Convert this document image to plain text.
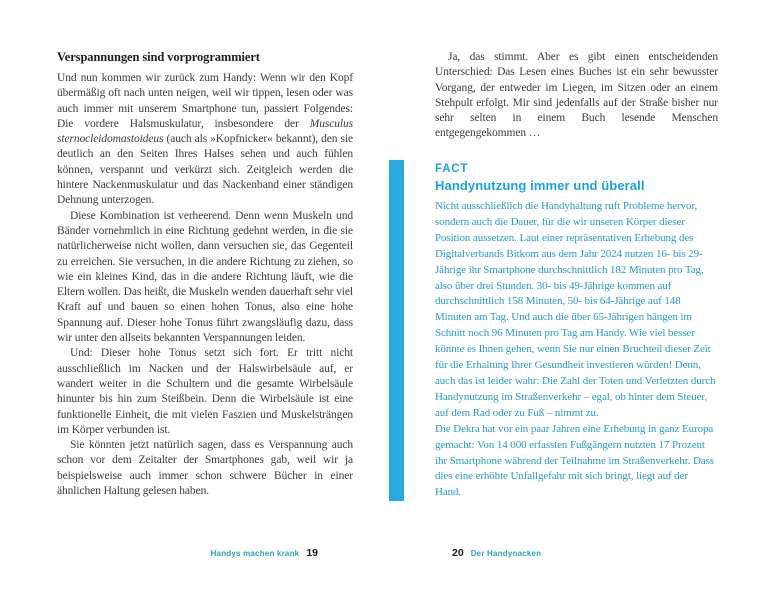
Verspannungen sind vorprogrammiert

Und nun kommen wir zurück zum Handy: Wenn wir den Kopf übermäßig oft nach unten neigen, weil wir tippen, lesen oder was auch immer mit unserem Smartphone tun, passiert Folgendes: Die vordere Halsmuskulatur, insbesondere der Musculus sternocleidomastoideus (auch als »Kopfnicker« bekannt), den sie deutlich an den Seiten Ihres Halses sehen und auch fühlen können, verspannt und verkürzt sich. Zeitgleich werden die hintere Nackenmuskulatur und das Nackenband einer ständigen Dehnung unterzogen.

Diese Kombination ist verheerend. Denn wenn Muskeln und Bänder vornehmlich in eine Richtung gedehnt werden, in die sie natürlicherweise nicht wollen, dann versuchen sie, das Gegenteil zu erreichen. Sie versuchen, in die andere Richtung zu ziehen, so wie ein kleines Kind, das in die andere Richtung läuft, wie die Eltern wollen. Das heißt, die Muskeln wenden dauerhaft sehr viel Kraft auf und bauen so einen hohen Tonus, also eine hohe Spannung auf. Dieser hohe Tonus führt zwangsläufig dazu, dass wir unter den allseits bekannten Verspannungen leiden.

Und: Dieser hohe Tonus setzt sich fort. Er tritt nicht ausschließlich im Nacken und der Halswirbelsäule auf, er wandert weiter in die Schultern und die gesamte Wirbelsäule hinunter bis hin zum Steißbein. Denn die Wirbelsäule ist eine funktionelle Einheit, die mit vielen Faszien und Muskelsträngen im Körper verbunden ist.

Sie könnten jetzt natürlich sagen, dass es Verspannung auch schon vor dem Zeitalter der Smartphones gab, weil wir ja beispielsweise auch immer schon schwere Bücher in einer ähnlichen Haltung gelesen haben.

Ja, das stimmt. Aber es gibt einen entscheidenden Unterschied: Das Lesen eines Buches ist ein sehr bewusster Vorgang, der entweder im Liegen, im Sitzen oder an einem Stehpult erfolgt. Mir sind jedenfalls auf der Straße bisher nur sehr selten in einem Buch lesende Menschen entgegengekommen …

FACT
Handynutzung immer und überall

Nicht ausschließlich die Handyhaltung ruft Probleme hervor, sondern auch die Dauer, für die wir unseren Körper dieser Position aussetzen. Laut einer repräsentativen Erhebung des Digitalverbands Bitkom aus dem Jahr 2024 nutzen 16- bis 29-Jährige ihr Smartphone durchschnittlich 182 Minuten pro Tag, also über drei Stunden. 30- bis 49-Jährige kommen auf durchschnittlich 158 Minuten, 50- bis 64-Jährige auf 148 Minuten am Tag. Und auch die über 65-Jährigen hängen im Schnitt noch 96 Minuten pro Tag am Handy. Wie viel besser könnte es Ihnen gehen, wenn Sie nur einen Bruchteil dieser Zeit für die Erhaltung Ihrer Gesundheit investieren würden! Denn, auch das ist leider wahr: Die Zahl der Toten und Verletzten durch Handynutzung im Straßenverkehr – egal, ob hinter dem Steuer, auf dem Rad oder zu Fuß – nimmt zu.

Die Dekra hat vor ein paar Jahren eine Erhebung in ganz Europa gemacht: Von 14 000 erfassten Fußgängern nutzten 17 Prozent ihr Smartphone während der Teilnahme im Straßenverkehr. Dass dies eine erhöhte Unfallgefahr mit sich bringt, liegt auf der Hand.

Handys machen krank 19	20 Der Handynacken
